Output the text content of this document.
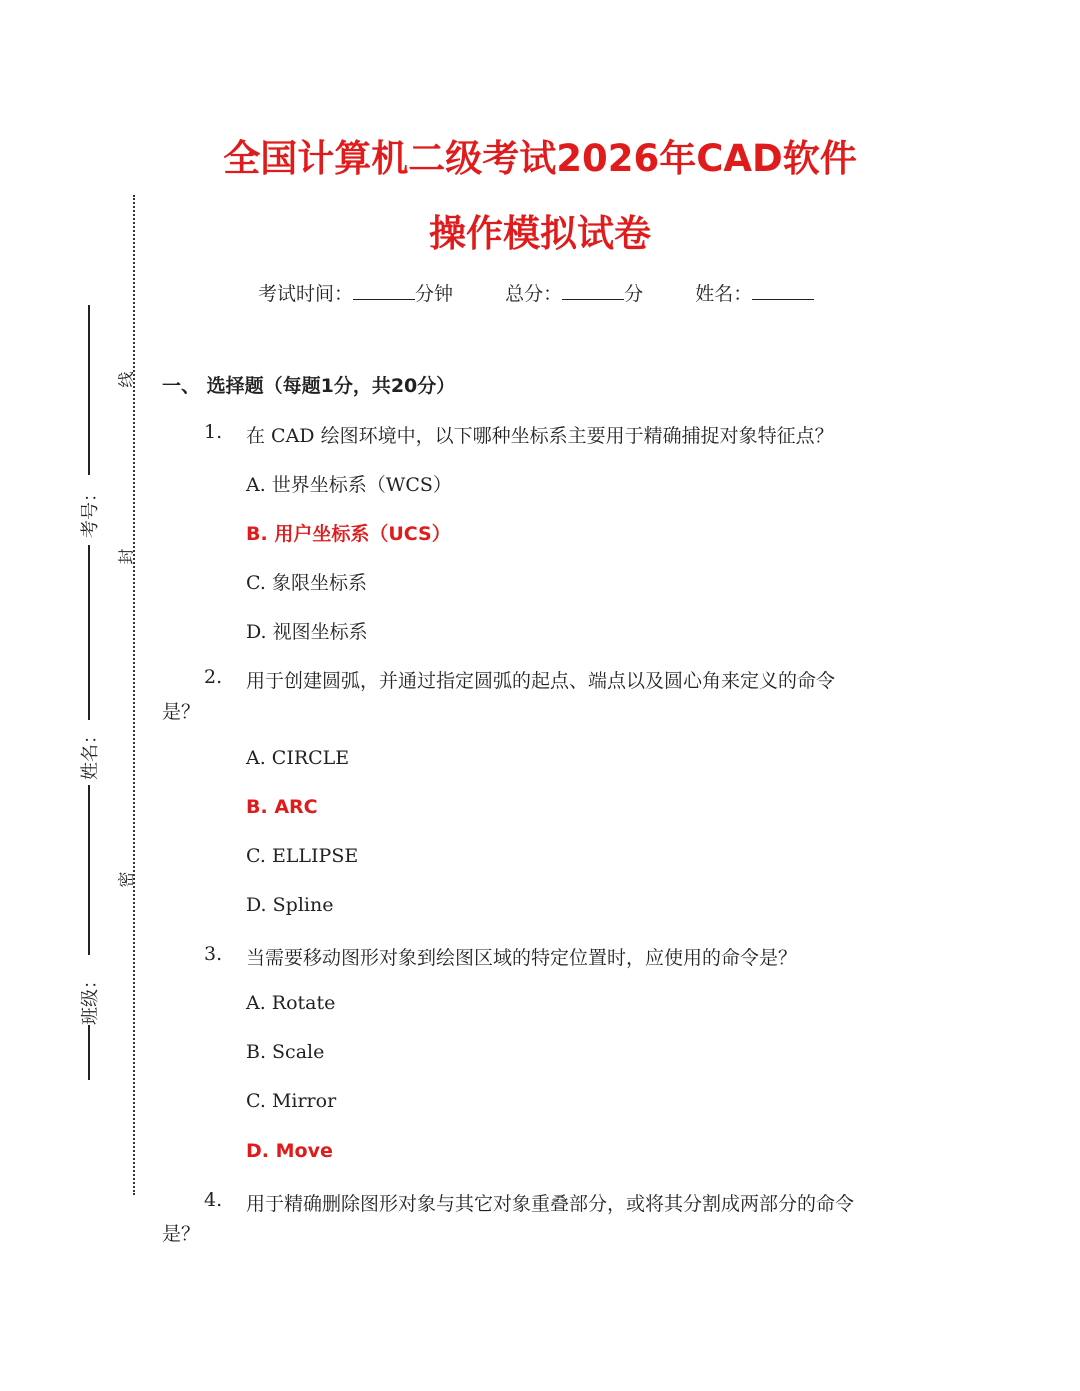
全国计算机二级考试2026年CAD软件
操作模拟试卷
考试时间：	分钟	总分：	分	姓名：
考号：
姓名：
班级：
线
封
密
一、 选择题（每题1分，共20分）
1. 在 CAD 绘图环境中，以下哪种坐标系主要用于精确捕捉对象特征点？
A. 世界坐标系（WCS）
B. 用户坐标系（UCS）
C. 象限坐标系
D. 视图坐标系
2. 用于创建圆弧，并通过指定圆弧的起点、端点以及圆心角来定义的命令
是？
A. CIRCLE
B. ARC
C. ELLIPSE
D. Spline
3. 当需要移动图形对象到绘图区域的特定位置时，应使用的命令是？
A. Rotate
B. Scale
C. Mirror
D. Move
4. 用于精确删除图形对象与其它对象重叠部分，或将其分割成两部分的命令
是？
